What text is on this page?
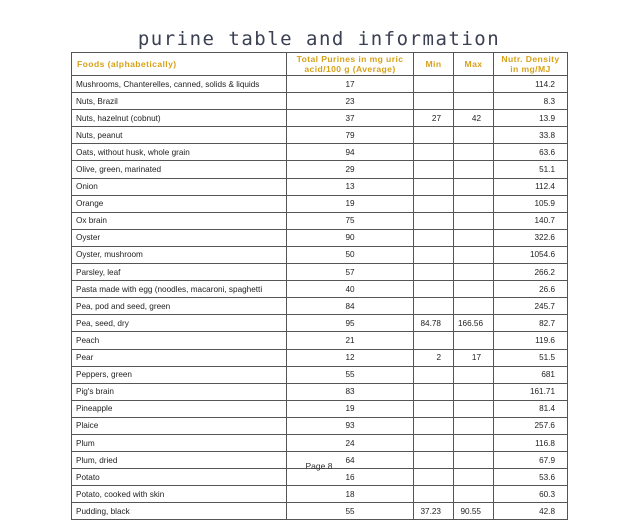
purine table and information
Foods (alphabetically)	Total Purines in mg uric acid/100 g (Average)	Min	Max	Nutr. Density in mg/MJ
Mushrooms, Chanterelles, canned, solids & liquids	17			114.2
Nuts, Brazil	23			8.3
Nuts, hazelnut (cobnut)	37	27	42	13.9
Nuts, peanut	79			33.8
Oats, without husk, whole grain	94			63.6
Olive, green, marinated	29			51.1
Onion	13			112.4
Orange	19			105.9
Ox brain	75			140.7
Oyster	90			322.6
Oyster, mushroom	50			1054.6
Parsley, leaf	57			266.2
Pasta made with egg (noodles, macaroni, spaghetti	40			26.6
Pea, pod and seed, green	84			245.7
Pea, seed, dry	95	84.78	166.56	82.7
Peach	21			119.6
Pear	12	2	17	51.5
Peppers, green	55			681
Pig's brain	83			161.71
Pineapple	19			81.4
Plaice	93			257.6
Plum	24			116.8
Plum, dried	64			67.9
Potato	16			53.6
Potato, cooked with skin	18			60.3
Pudding, black	55	37.23	90.55	42.8
Page 8
